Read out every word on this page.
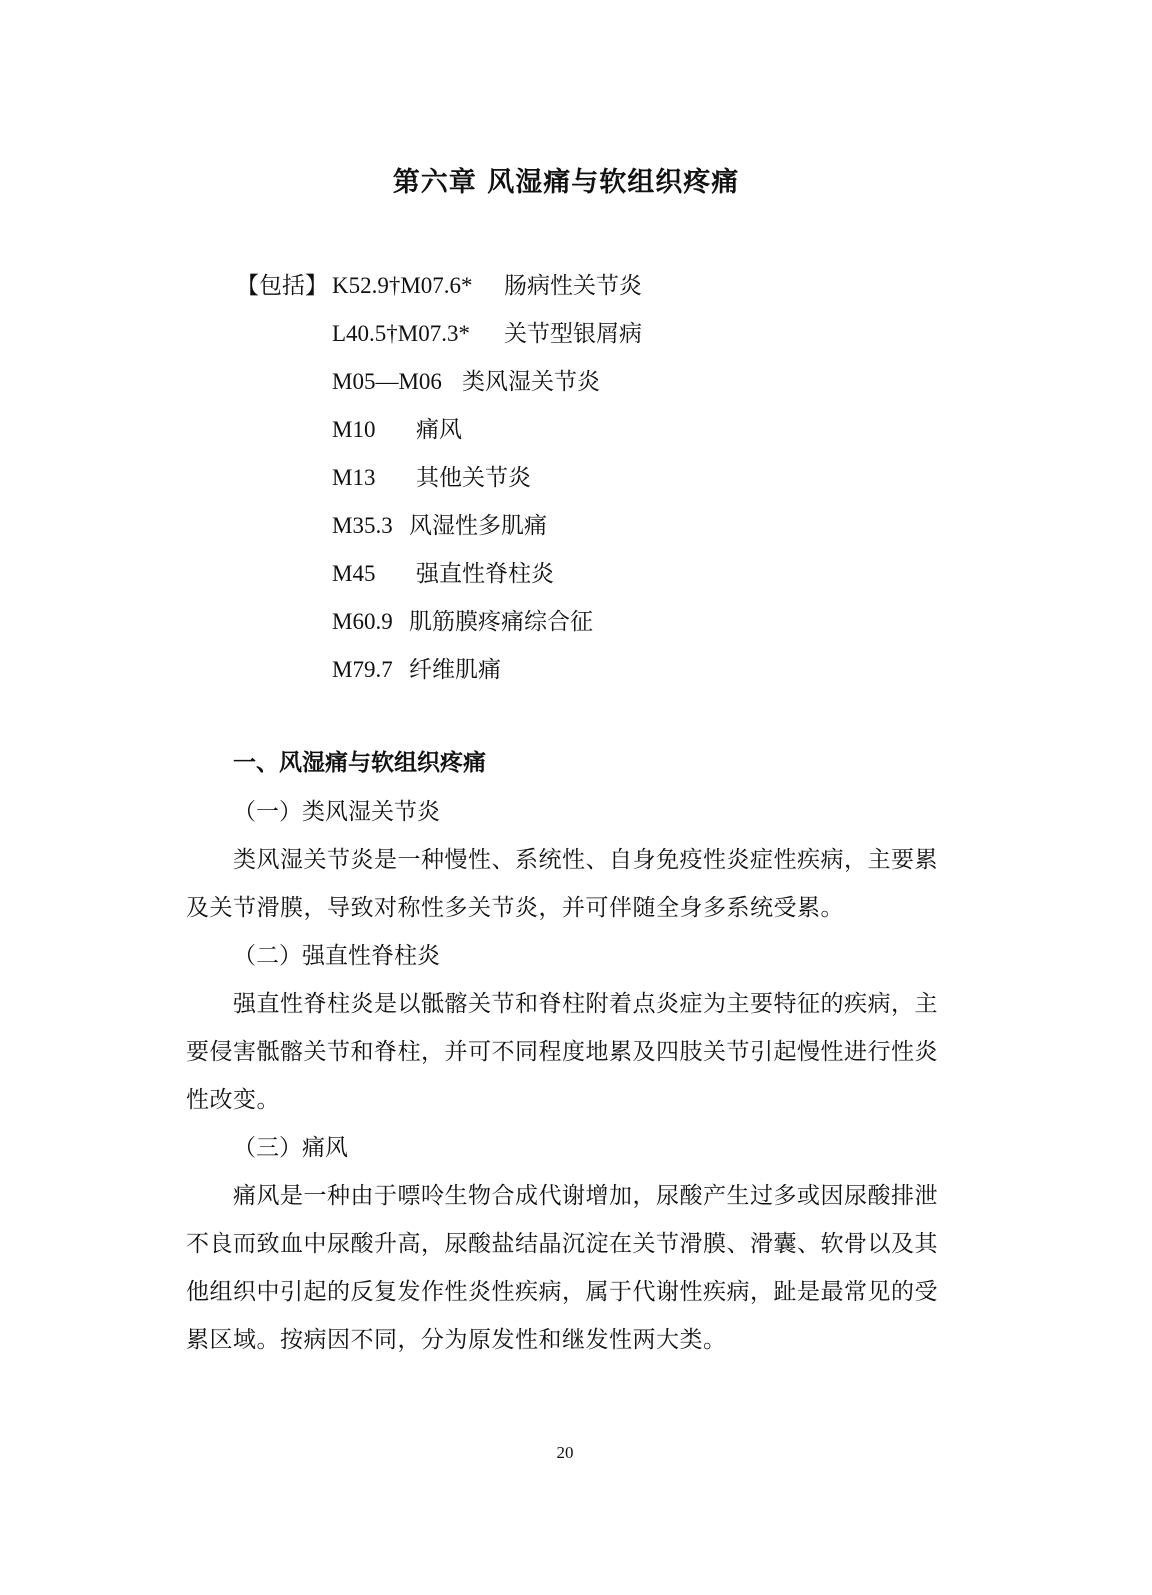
第六章 风湿痛与软组织疼痛
【包括】 K52.9†M07.6*	肠病性关节炎
L40.5†M07.3*	关节型银屑病
M05—M06 类风湿关节炎
M10	痛风
M13	其他关节炎
M35.3 风湿性多肌痛
M45	强直性脊柱炎
M60.9 肌筋膜疼痛综合征
M79.7 纤维肌痛
一、风湿痛与软组织疼痛
（一）类风湿关节炎

类风湿关节炎是一种慢性、系统性、自身免疫性炎症性疾病，主要累及关节滑膜，导致对称性多关节炎，并可伴随全身多系统受累。

（二）强直性脊柱炎

强直性脊柱炎是以骶髂关节和脊柱附着点炎症为主要特征的疾病，主要侵害骶髂关节和脊柱，并可不同程度地累及四肢关节引起慢性进行性炎性改变。

（三）痛风

痛风是一种由于嘌呤生物合成代谢增加，尿酸产生过多或因尿酸排泄不良而致血中尿酸升高，尿酸盐结晶沉淀在关节滑膜、滑囊、软骨以及其他组织中引起的反复发作性炎性疾病，属于代谢性疾病，趾是最常见的受累区域。按病因不同，分为原发性和继发性两大类。

20
